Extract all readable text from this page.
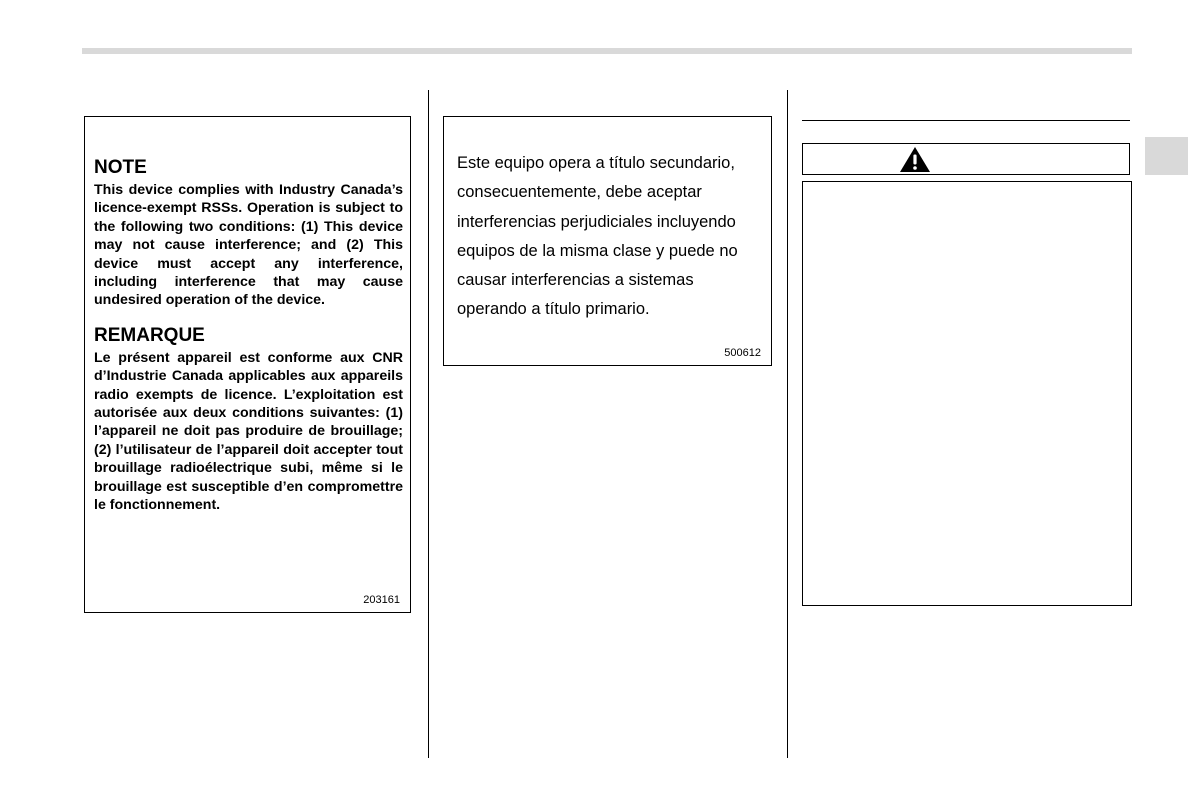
NOTE

This device complies with Industry Canada’s licence-exempt RSSs. Operation is subject to the following two conditions: (1) This device may not cause interference; and (2) This device must accept any interference, including interference that may cause undesired operation of the device.

REMARQUE

Le présent appareil est conforme aux CNR d’Industrie Canada applicables aux appareils radio exempts de licence. L’exploitation est autorisée aux deux conditions suivantes: (1) l’appareil ne doit pas produire de brouillage; (2) l’utilisateur de l’appareil doit accepter tout brouillage radioélectrique subi, même si le brouillage est susceptible d’en compromettre le fonctionnement.

203161
Este equipo opera a título secundario,
consecuentemente, debe aceptar
interferencias perjudiciales incluyendo
equipos de la misma clase y puede no
causar interferencias a sistemas
operando a título primario.
500612
